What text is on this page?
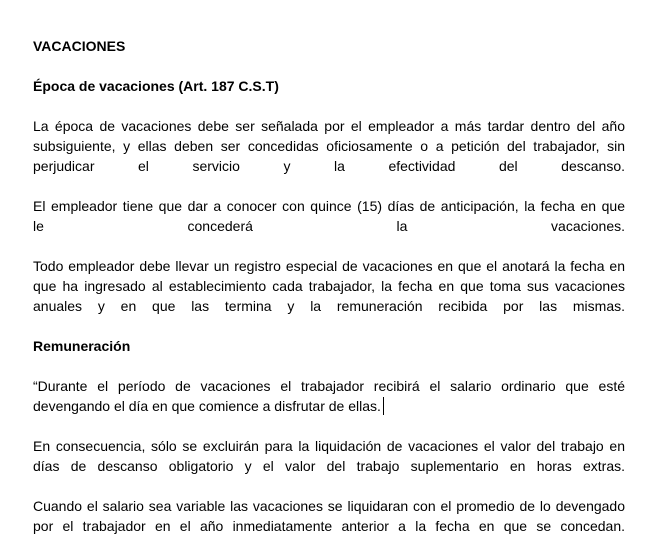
VACACIONES
Época de vacaciones (Art. 187 C.S.T)
La época de vacaciones debe ser señalada por el empleador a más tardar dentro del año
subsiguiente, y ellas deben ser concedidas oficiosamente o a petición del trabajador, sin
perjudicar el servicio y la efectividad del descanso.
El empleador tiene que dar a conocer con quince (15) días de anticipación, la fecha en que
le concederá la vacaciones.
Todo empleador debe llevar un registro especial de vacaciones en que el anotará la fecha en
que ha ingresado al establecimiento cada trabajador, la fecha en que toma sus vacaciones
anuales y en que las termina y la remuneración recibida por las mismas.
Remuneración
“Durante el período de vacaciones el trabajador recibirá el salario ordinario que esté
devengando el día en que comience a disfrutar de ellas.
En consecuencia, sólo se excluirán para la liquidación de vacaciones el valor del trabajo en
días de descanso obligatorio y el valor del trabajo suplementario en horas extras.
Cuando el salario sea variable las vacaciones se liquidaran con el promedio de lo devengado
por el trabajador en el año inmediatamente anterior a la fecha en que se concedan.
